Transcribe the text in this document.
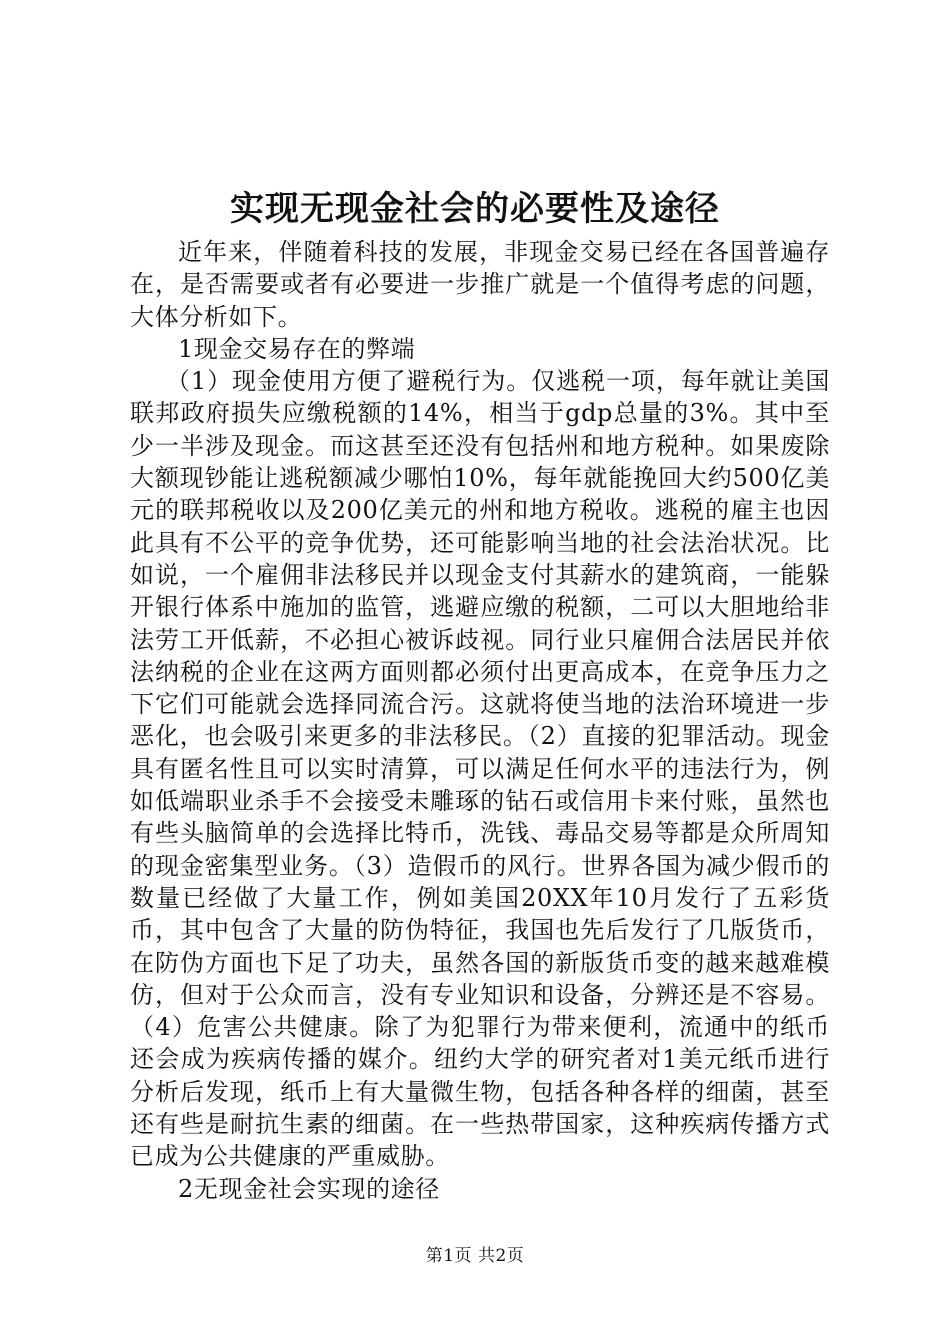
实现无现金社会的必要性及途径

近年来，伴随着科技的发展，非现金交易已经在各国普遍存在，是否需要或者有必要进一步推广就是一个值得考虑的问题，大体分析如下。

1现金交易存在的弊端

（1）现金使用方便了避税行为。仅逃税一项，每年就让美国联邦政府损失应缴税额的14%，相当于gdp总量的3%。其中至少一半涉及现金。而这甚至还没有包括州和地方税种。如果废除大额现钞能让逃税额减少哪怕10%，每年就能挽回大约500亿美元的联邦税收以及200亿美元的州和地方税收。逃税的雇主也因此具有不公平的竞争优势，还可能影响当地的社会法治状况。比如说，一个雇佣非法移民并以现金支付其薪水的建筑商，一能躲开银行体系中施加的监管，逃避应缴的税额，二可以大胆地给非法劳工开低薪，不必担心被诉歧视。同行业只雇佣合法居民并依法纳税的企业在这两方面则都必须付出更高成本，在竞争压力之下它们可能就会选择同流合污。这就将使当地的法治环境进一步恶化，也会吸引来更多的非法移民。（2）直接的犯罪活动。现金具有匿名性且可以实时清算，可以满足任何水平的违法行为，例如低端职业杀手不会接受未雕琢的钻石或信用卡来付账，虽然也有些头脑简单的会选择比特币，洗钱、毒品交易等都是众所周知的现金密集型业务。（3）造假币的风行。世界各国为减少假币的数量已经做了大量工作，例如美国20XX年10月发行了五彩货币，其中包含了大量的防伪特征，我国也先后发行了几版货币，在防伪方面也下足了功夫，虽然各国的新版货币变的越来越难模仿，但对于公众而言，没有专业知识和设备，分辨还是不容易。（4）危害公共健康。除了为犯罪行为带来便利，流通中的纸币还会成为疾病传播的媒介。纽约大学的研究者对1美元纸币进行分析后发现，纸币上有大量微生物，包括各种各样的细菌，甚至还有些是耐抗生素的细菌。在一些热带国家，这种疾病传播方式已成为公共健康的严重威胁。

2无现金社会实现的途径

第1页 共2页
